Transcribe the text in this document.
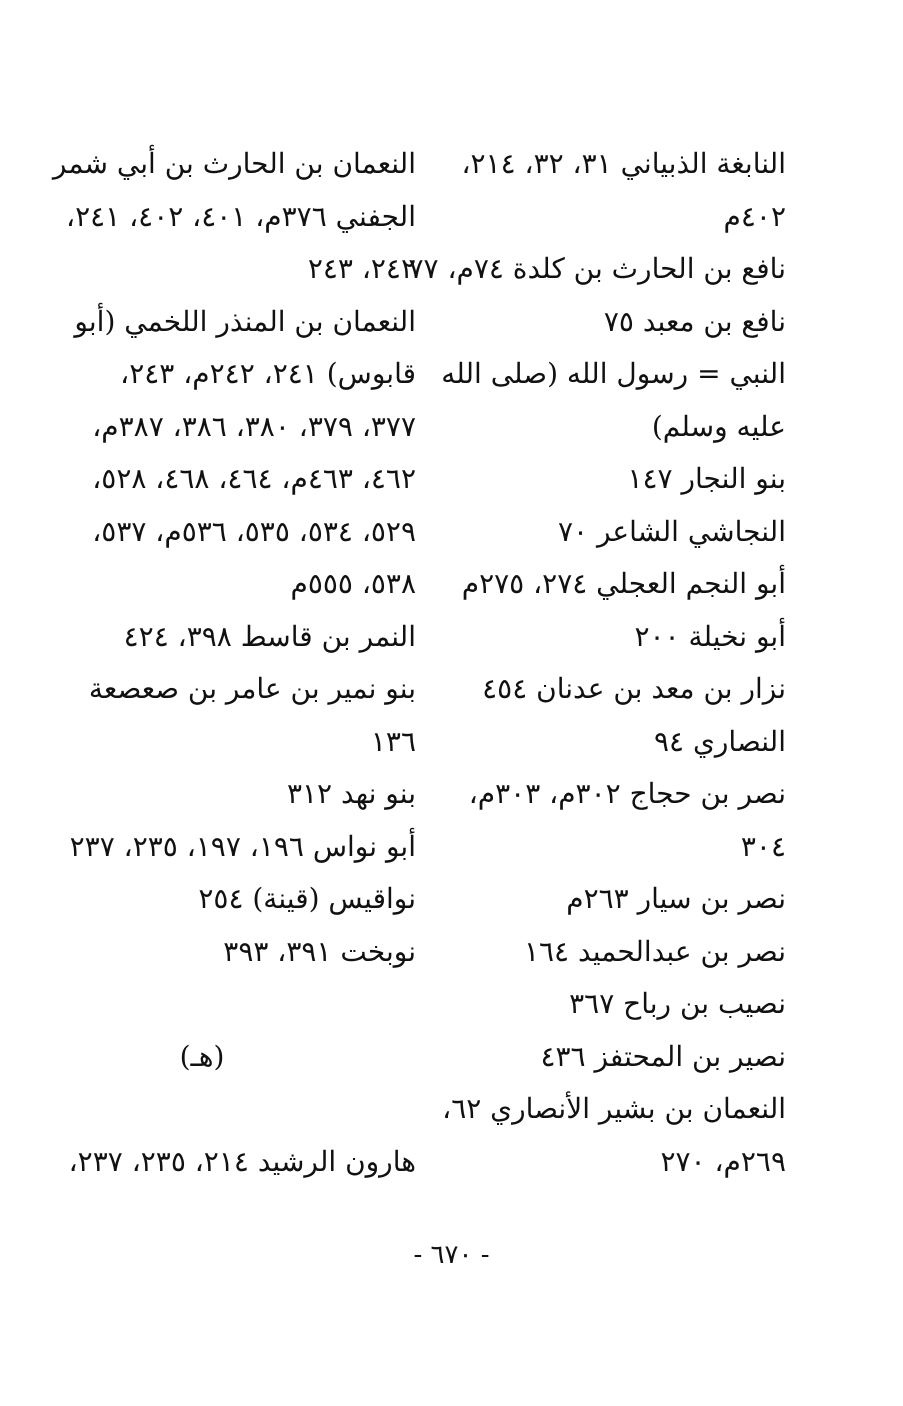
النابغة الذبياني ٣١، ٣٢، ٢١٤،
٤٠٢م
نافع بن الحارث بن كلدة ٧٤م، ٧٧
نافع بن معبد ٧٥
النبي = رسول الله (صلى الله
عليه وسلم)
بنو النجار ١٤٧
النجاشي الشاعر ٧٠
أبو النجم العجلي ٢٧٤، ٢٧٥م
أبو نخيلة ٢٠٠
نزار بن معد بن عدنان ٤٥٤
النصاري ٩٤
نصر بن حجاج ٣٠٢م، ٣٠٣م،
٣٠٤
نصر بن سيار ٢٦٣م
نصر بن عبدالحميد ١٦٤
نصيب بن رباح ٣٦٧
نصير بن المحتفز ٤٣٦
النعمان بن بشير الأنصاري ٦٢،
٢٦٩م، ٢٧٠
النعمان بن الحارث بن أبي شمر
الجفني ٣٧٦م، ٤٠١، ٤٠٢، ٢٤١،
٢٤٢، ٢٤٣
النعمان بن المنذر اللخمي (أبو
قابوس) ٢٤١، ٢٤٢م، ٢٤٣،
٣٧٧، ٣٧٩، ٣٨٠، ٣٨٦، ٣٨٧م،
٤٦٢، ٤٦٣م، ٤٦٤، ٤٦٨، ٥٢٨،
٥٢٩، ٥٣٤، ٥٣٥، ٥٣٦م، ٥٣٧،
٥٣٨، ٥٥٥م
النمر بن قاسط ٣٩٨، ٤٢٤
بنو نمير بن عامر بن صعصعة
١٣٦
بنو نهد ٣١٢
أبو نواس ١٩٦، ١٩٧، ٢٣٥، ٢٣٧
نواقيس (قينة) ٢٥٤
نوبخت ٣٩١، ٣٩٣
(هـ)
هارون الرشيد ٢١٤، ٢٣٥، ٢٣٧،
- ٦٧٠ -
